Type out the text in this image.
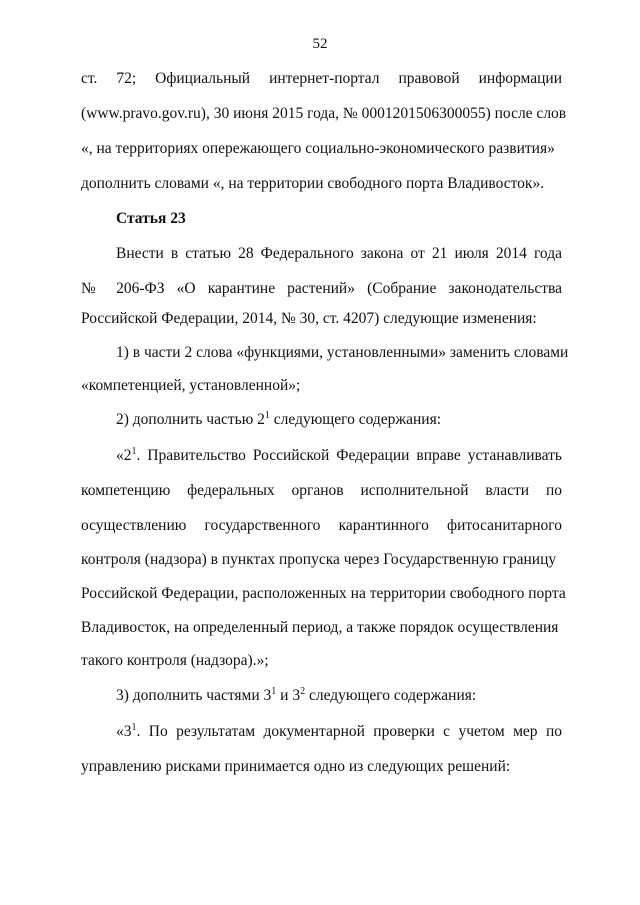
52
ст. 72; Официальный интернет-портал правовой информации
(www.pravo.gov.ru), 30 июня 2015 года, № 0001201506300055) после слов
«, на территориях опережающего социально-экономического развития»
дополнить словами «, на территории свободного порта Владивосток».
Статья 23
Внести в статью 28 Федерального закона от 21 июля 2014 года
№ 206-ФЗ «О карантине растений» (Собрание законодательства
Российской Федерации, 2014, № 30, ст. 4207) следующие изменения:
1) в части 2 слова «функциями, установленными» заменить словами
«компетенцией, установленной»;
2) дополнить частью $2^1$ следующего содержания:
«$2^1$. Правительство Российской Федерации вправе устанавливать
компетенцию федеральных органов исполнительной власти по
осуществлению государственного карантинного фитосанитарного
контроля (надзора) в пунктах пропуска через Государственную границу
Российской Федерации, расположенных на территории свободного порта
Владивосток, на определенный период, а также порядок осуществления
такого контроля (надзора).»;
3) дополнить частями $3^1$ и $3^2$ следующего содержания:
«$3^1$. По результатам документарной проверки с учетом мер по
управлению рисками принимается одно из следующих решений:
